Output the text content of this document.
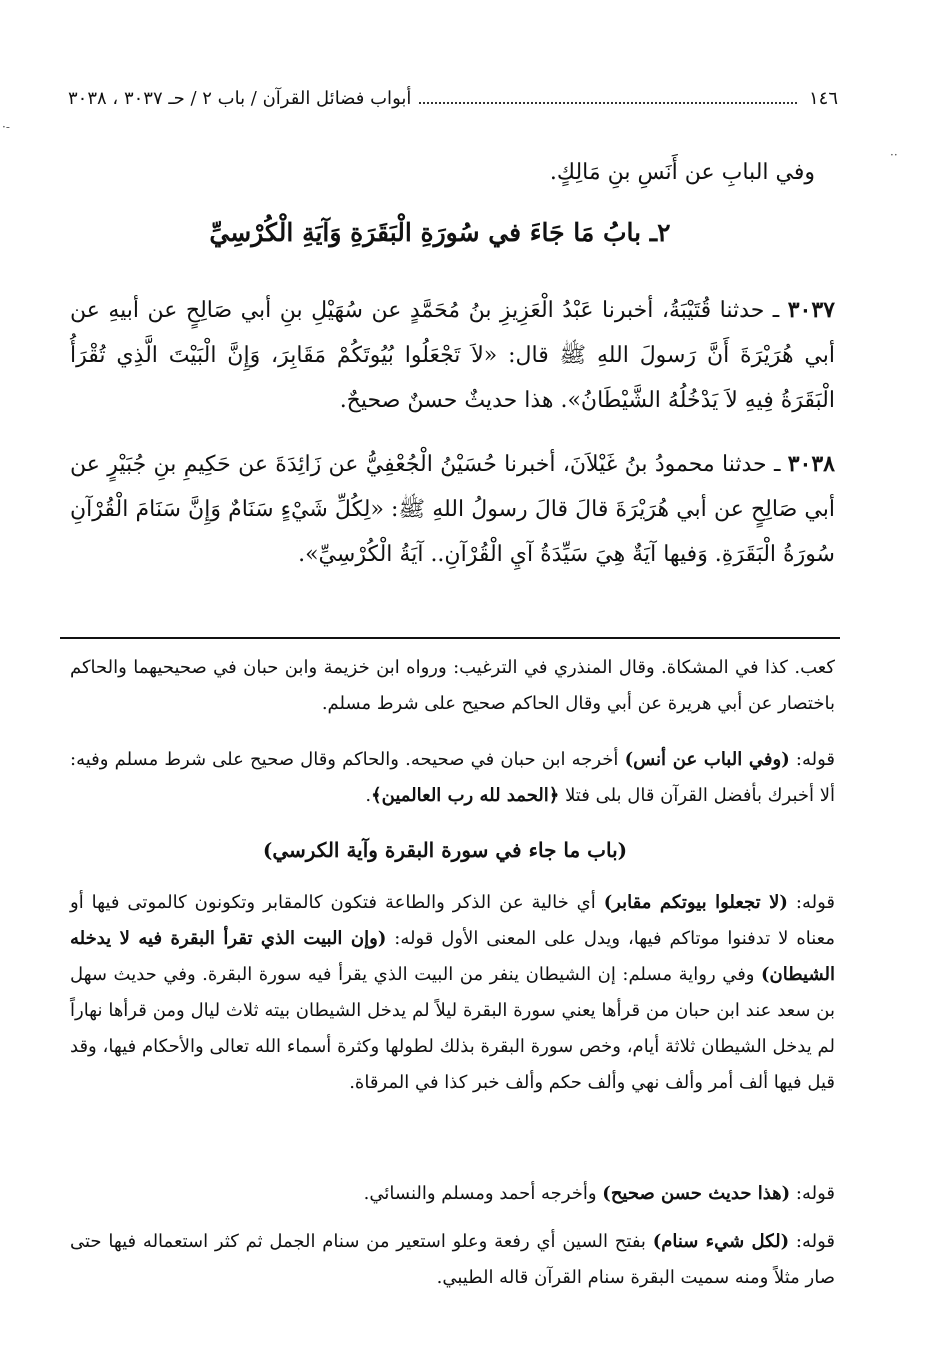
·‑
··
١٤٦
أبواب فضائل القرآن / باب ٢ / حـ ٣٠٣٧ ، ٣٠٣٨

وفي البابِ عن أَنَسِ بنِ مَالِكٍ.

٢ـ بابُ مَا جَاءَ في سُورَةِ الْبَقَرَةِ وَآيَةِ الْكُرْسِيِّ

٣٠٣٧ ـ حدثنا قُتَيْبَةُ، أخبرنا عَبْدُ الْعَزِيزِ بنُ مُحَمَّدٍ عن سُهَيْلِ بنِ أبي صَالِحٍ عن أبيهِ عن أبي هُرَيْرَةَ أَنَّ رَسولَ اللهِ ﷺ قال: «لاَ تَجْعَلُوا بُيُوتَكُمْ مَقَابِرَ، وَإِنَّ الْبَيْتَ الَّذِي تُقْرَأُ الْبَقَرَةُ فِيهِ لاَ يَدْخُلُهُ الشَّيْطَانُ». هذا حديثٌ حسنٌ صحيحٌ.

٣٠٣٨ ـ حدثنا محمودُ بنُ غَيْلاَنَ، أخبرنا حُسَيْنُ الْجُعْفِيُّ عن زَائِدَةَ عن حَكِيمِ بنِ جُبَيْرٍ عن أبي صَالِحٍ عن أبي هُرَيْرَةَ قالَ قالَ رسولُ اللهِ ﷺ: «لِكُلِّ شَيْءٍ سَنَامٌ وَإِنَّ سَنَامَ الْقُرْآنِ سُورَةُ الْبَقَرَةِ. وَفيها آيَةٌ هِيَ سَيِّدَةُ آيِ الْقُرْآنِ.. آيَةُ الْكُرْسِيِّ».

كعب. كذا في المشكاة. وقال المنذري في الترغيب: ورواه ابن خزيمة وابن حبان في صحيحيهما والحاكم باختصار عن أبي هريرة عن أبي وقال الحاكم صحيح على شرط مسلم.

قوله: (وفي الباب عن أنس) أخرجه ابن حبان في صحيحه. والحاكم وقال صحيح على شرط مسلم وفيه: ألا أخبرك بأفضل القرآن قال بلى فتلا ﴿الحمد لله رب العالمين﴾.

(باب ما جاء في سورة البقرة وآية الكرسي)

قوله: (لا تجعلوا بيوتكم مقابر) أي خالية عن الذكر والطاعة فتكون كالمقابر وتكونون كالموتى فيها أو معناه لا تدفنوا موتاكم فيها، ويدل على المعنى الأول قوله: (وإن البيت الذي تقرأ البقرة فيه لا يدخله الشيطان) وفي رواية مسلم: إن الشيطان ينفر من البيت الذي يقرأ فيه سورة البقرة. وفي حديث سهل بن سعد عند ابن حبان من قرأها يعني سورة البقرة ليلاً لم يدخل الشيطان بيته ثلاث ليال ومن قرأها نهاراً لم يدخل الشيطان ثلاثة أيام، وخص سورة البقرة بذلك لطولها وكثرة أسماء الله تعالى والأحكام فيها، وقد قيل فيها ألف أمر وألف نهي وألف حكم وألف خبر كذا في المرقاة.

قوله: (هذا حديث حسن صحيح) وأخرجه أحمد ومسلم والنسائي.

قوله: (لكل شيء سنام) بفتح السين أي رفعة وعلو استعير من سنام الجمل ثم كثر استعماله فيها حتى صار مثلاً ومنه سميت البقرة سنام القرآن قاله الطيبي.
